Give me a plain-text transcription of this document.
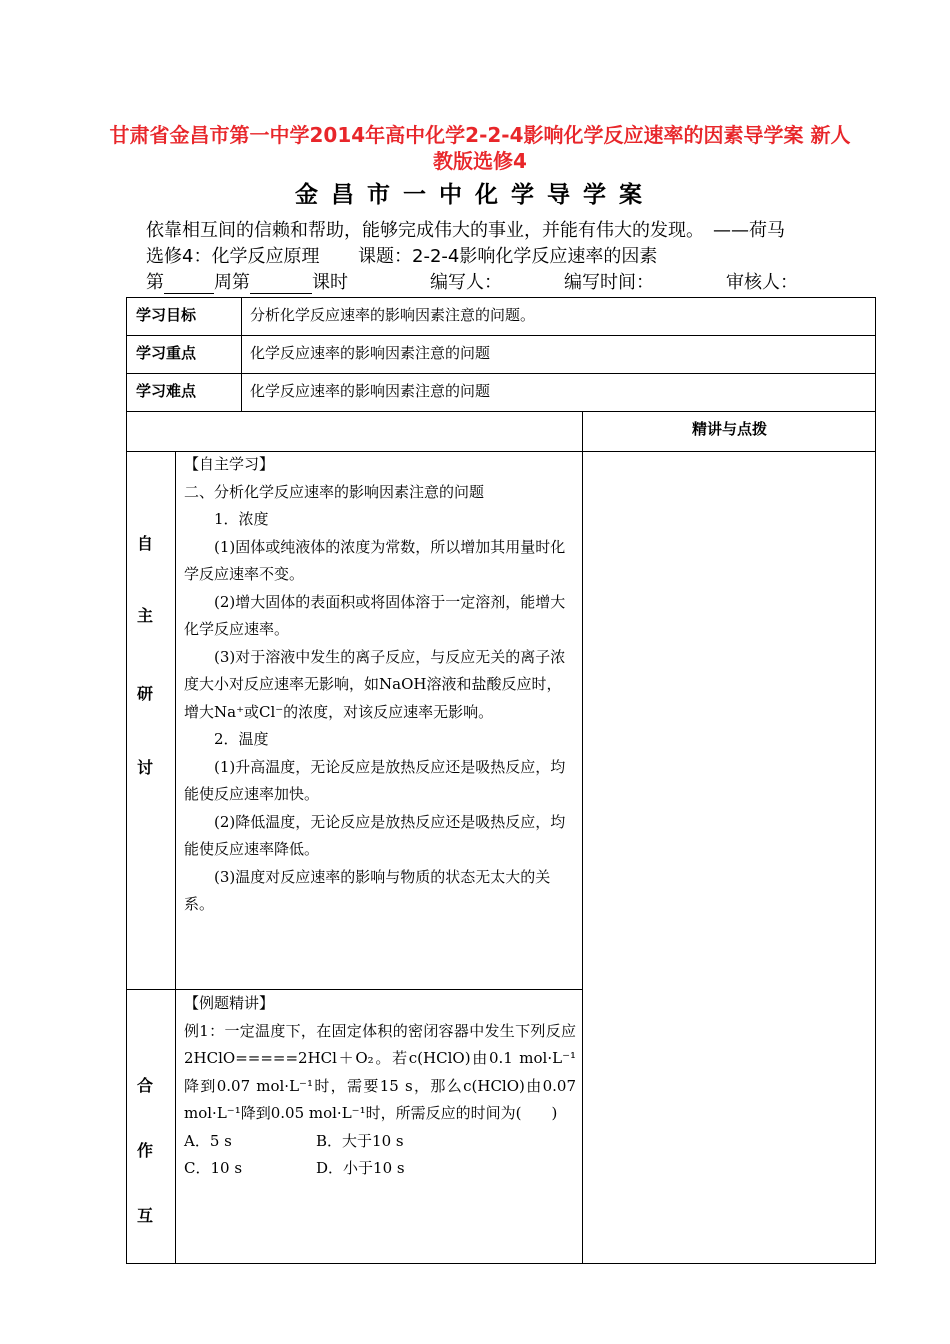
甘肃省金昌市第一中学2014年高中化学2-2-4影响化学反应速率的因素导学案 新人教版选修4
金昌市一中化学导学案
依靠相互间的信赖和帮助，能够完成伟大的事业，并能有伟大的发现。　——荷马
选修4：化学反应原理 课题：2-2-4影响化学反应速率的因素
第	周第	课时	编写人：	编写时间：	审核人：
学习目标	分析化学反应速率的影响因素注意的问题。
学习重点	化学反应速率的影响因素注意的问题
学习难点	化学反应速率的影响因素注意的问题
精讲与点拨
自
主
研
讨

【自主学习】

二、分析化学反应速率的影响因素注意的问题

1．浓度

(1)固体或纯液体的浓度为常数，所以增加其用量时化学反应速率不变。

(2)增大固体的表面积或将固体溶于一定溶剂，能增大化学反应速率。

(3)对于溶液中发生的离子反应，与反应无关的离子浓度大小对反应速率无影响，如NaOH溶液和盐酸反应时，增大Na⁺或Cl⁻的浓度，对该反应速率无影响。

2．温度

(1)升高温度，无论反应是放热反应还是吸热反应，均能使反应速率加快。

(2)降低温度，无论反应是放热反应还是吸热反应，均能使反应速率降低。

(3)温度对反应速率的影响与物质的状态无太大的关系。

合
作
互

【例题精讲】

例1：一定温度下，在固定体积的密闭容器中发生下列反应2HClO=====2HCl＋O₂。若c(HClO)由0.1 mol·L⁻¹降到0.07 mol·L⁻¹时，需要15 s，那么c(HClO)由0.07 mol·L⁻¹降到0.05 mol·L⁻¹时，所需反应的时间为(　　)

A．5 s	B．大于10 s

C．10 s	D．小于10 s
